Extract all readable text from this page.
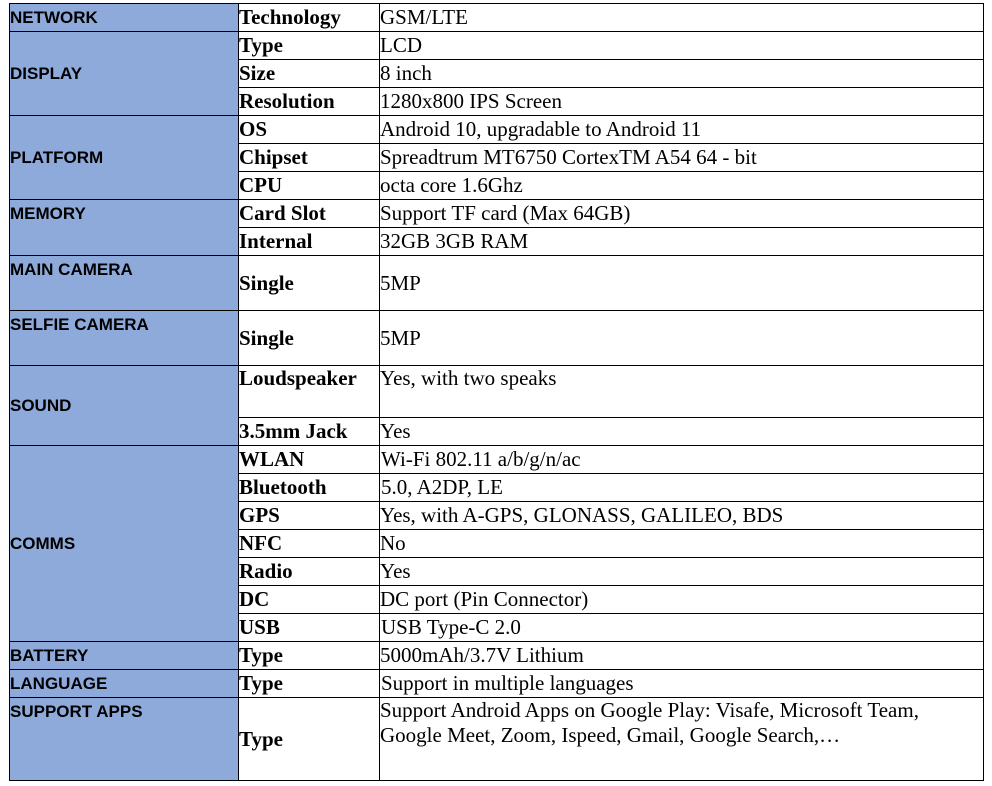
NETWORK	Technology	GSM/LTE
DISPLAY	Type	LCD
	Size	8 inch
	Resolution	1280x800 IPS Screen
PLATFORM	OS	Android 10, upgradable to Android 11
	Chipset	Spreadtrum MT6750 CortexTM A54 64 - bit
	CPU	octa core 1.6Ghz
MEMORY	Card Slot	Support TF card (Max 64GB)
	Internal	32GB 3GB RAM
MAIN CAMERA	Single	5MP
SELFIE CAMERA	Single	5MP
SOUND	Loudspeaker	Yes, with two speaks
	3.5mm Jack	Yes
COMMS	WLAN	Wi-Fi 802.11 a/b/g/n/ac
	Bluetooth	5.0, A2DP, LE
	GPS	Yes, with A-GPS, GLONASS, GALILEO, BDS
	NFC	No
	Radio	Yes
	DC	DC port (Pin Connector)
	USB	USB Type-C 2.0
BATTERY	Type	5000mAh/3.7V Lithium
LANGUAGE	Type	Support in multiple languages
SUPPORT APPS	Type	Support Android Apps on Google Play: Visafe, Microsoft Team, Google Meet, Zoom, Ispeed, Gmail, Google Search,…
